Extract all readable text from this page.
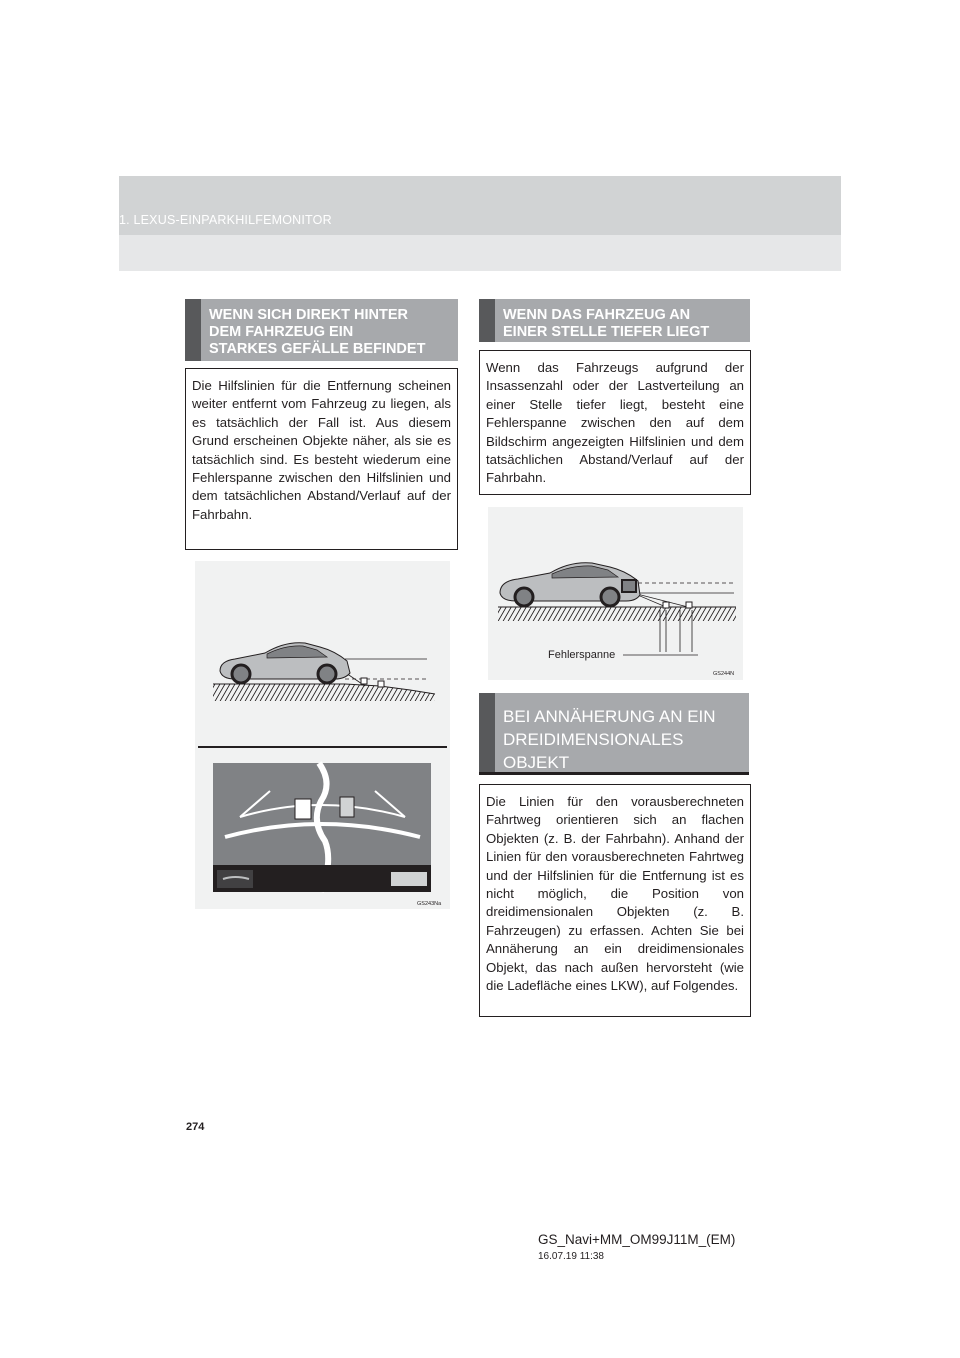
1. LEXUS-EINPARKHILFEMONITOR
WENN SICH DIREKT HINTER
DEM FAHRZEUG EIN
STARKES GEFÄLLE BEFINDET

Die Hilfslinien für die Entfernung scheinen weiter entfernt vom Fahrzeug zu liegen, als es tatsächlich der Fall ist. Aus diesem Grund erscheinen Objekte näher, als sie es tatsächlich sind. Es besteht wiederum eine Fehlerspanne zwischen den Hilfslinien und dem tatsächlichen Abstand/Verlauf auf der Fahrbahn.

GS243Na
WENN DAS FAHRZEUG AN
EINER STELLE TIEFER LIEGT

Wenn das Fahrzeugs aufgrund der Insassenzahl oder der Lastverteilung an einer Stelle tiefer liegt, besteht eine Fehlerspanne zwischen den auf dem Bildschirm angezeigten Hilfslinien und dem tatsächlichen Abstand/Verlauf auf der Fahrbahn.

Fehlerspanne
GS244N
BEI ANNÄHERUNG AN EIN
DREIDIMENSIONALES
OBJEKT

Die Linien für den vorausberechneten Fahrtweg orientieren sich an flachen Objekten (z. B. der Fahrbahn). Anhand der Linien für den vorausberechneten Fahrtweg und der Hilfslinien für die Entfernung ist es nicht möglich, die Position von dreidimensionalen Objekten (z. B. Fahrzeugen) zu erfassen. Achten Sie bei Annäherung an ein dreidimensionales Objekt, das nach außen hervorsteht (wie die Ladefläche eines LKW), auf Folgendes.

274
GS_Navi+MM_OM99J11M_(EM)
16.07.19 11:38
